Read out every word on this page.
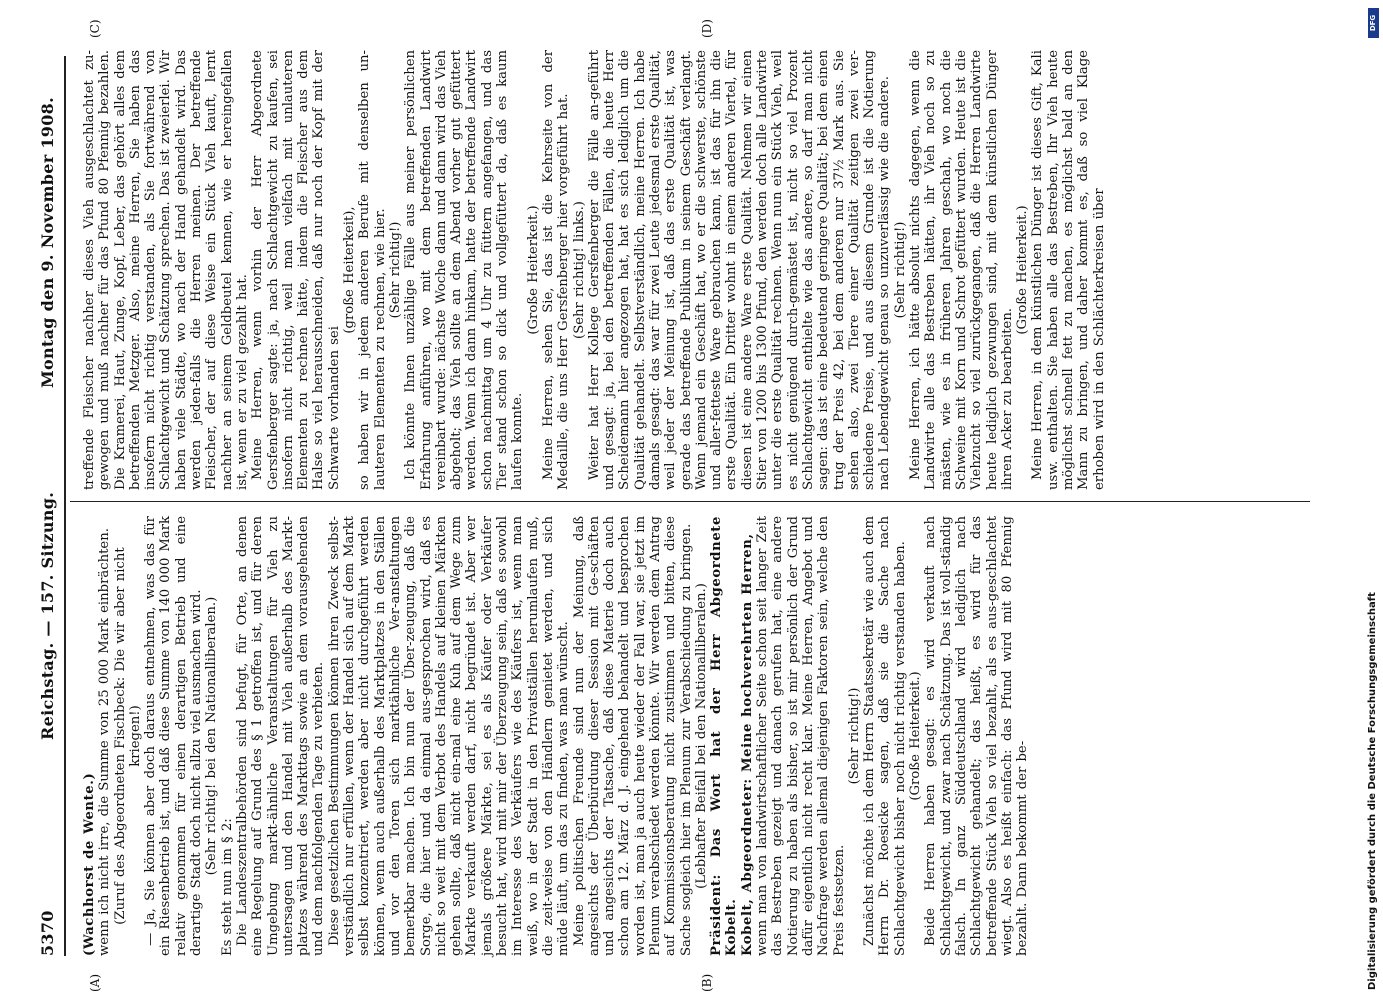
5370
Reichstag. — 157. Sitzung.
Montag den 9. November 1908.
(A)	(B)
(C)	(D)

(Wachhorst de Wente.) wenn ich nicht irre, die Summe von 25 000 Mark einbrächten. (Zuruf des Abgeordneten Fischbeck: Die wir aber nicht kriegen!) — Ja, Sie können aber doch daraus entnehmen, was das für ein Riesenbetrieb ist, und daß diese Summe von 140 000 Mark relativ genommen für einen derartigen Betrieb und eine derartige Stadt doch nicht allzu viel ausmachen wird. (Sehr richtig! bei den Nationalliberalen.)

Es steht nun im § 2: Die Landeszentralbehörden sind befugt, für Orte, an denen eine Regelung auf Grund des § 1 getroffen ist, und für deren Umgebung markt-ähnliche Veranstaltungen für Vieh zu untersagen und den Handel mit Vieh außerhalb des Markt-platzes während des Markttags sowie an dem vorausgehenden und dem nachfolgenden Tage zu verbieten. Diese gesetzlichen Bestimmungen können ihren Zweck selbst-verständlich nur erfüllen, wenn der Handel sich auf dem Markt selbst konzentriert, werden aber nicht durchgeführt werden können, wenn auch außerhalb des Marktplatzes in den Ställen und vor den Toren sich marktähnliche Ver-anstaltungen bemerkbar machen. Ich bin nun der Über-zeugung, daß die Sorge, die hier und da einmal aus-gesprochen wird, daß es nicht so weit mit dem Verbot des Handels auf kleinen Märkten gehen sollte, daß nicht ein-mal eine Kuh auf dem Wege zum Markte verkauft werden darf, nicht begründet ist. Aber wer jemals größere Märkte, sei es als Käufer oder Verkäufer besucht hat, wird mit mir der Überzeugung sein, daß es sowohl im Interesse des Verkäufers wie des Käufers ist, wenn man weiß, wo in der Stadt in den Privatställen herumlaufen muß, die zeit-weise von den Händlern genietet werden, und sich müde läuft, um das zu finden, was man wünscht. Meine politischen Freunde sind nun der Meinung, daß angesichts der Überbürdung dieser Session mit Ge-schäften und angesichts der Tatsache, daß diese Materie doch auch schon am 12. März d. J. eingehend behandelt und besprochen worden ist, man ja auch heute wieder der Fall war, sie jetzt im Plenum verabschiedet werden könnte. Wir werden dem Antrag auf Kommissionsberatung nicht zustimmen und bitten, diese Sache sogleich hier im Plenum zur Verabschiedung zu bringen. (Lebhafter Beifall bei den Nationalliberalen.) Präsident: Das Wort hat der Herr Abgeordnete Kobelt. Kobelt, Abgeordneter: Meine hochverehrten Herren, wenn man von landwirtschaftlicher Seite schon seit langer Zeit das Bestreben gezeigt und danach gerufen hat, eine andere Notierung zu haben als bisher, so ist mir persönlich der Grund dafür eigentlich nicht recht klar. Meine Herren, Angebot und Nachfrage werden allemal diejenigen Faktoren sein, welche den Preis festsetzen.

(Sehr richtig!) Zunächst möchte ich dem Herrn Staatssekretär wie auch dem Herrn Dr. Roesicke sagen, daß sie die Sache nach Schlachtgewicht bisher noch nicht richtig verstanden haben. (Große Heiterkeit.) Beide Herren haben gesagt: es wird verkauft nach Schlachtgewicht, und zwar nach Schätzung. Das ist voll-ständig falsch. In ganz Süddeutschland wird lediglich nach Schlachtgewicht gehandelt; das heißt, es wird für das betreffende Stück Vieh so viel bezahlt, als es aus-geschlachtet wiegt. Also es heißt einfach: das Pfund wird mit 80 Pfennig bezahlt. Dann bekommt der be-

treffende Fleischer nachher dieses Vieh ausgeschlachtet zu-gewogen und muß nachher für das Pfund 80 Pfennig bezahlen. Die Kramerei, Haut, Zunge, Kopf, Leber, das gehört alles dem betreffenden Metzger. Also, meine Herren, Sie haben das insofern nicht richtig verstanden, als Sie fortwährend von Schlachtgewicht und Schätzung sprechen. Das ist zweierlei. Wir haben viele Städte, wo nach der Hand gehandelt wird. Das werden jeden-falls die Herren meinen. Der betreffende Fleischer, der auf diese Weise ein Stück Vieh kauft, lernt nachher an seinem Geldbeutel kennen, wie er hereingefallen ist, wenn er zu viel gezahlt hat. Meine Herren, wenn vorhin der Herr Abgeordnete Gersfenberger sagte: ja, nach Schlachtgewicht zu kaufen, sei insofern nicht richtig, weil man vielfach mit unlauteren Elementen zu rechnen hätte, indem die Fleischer aus dem Halse so viel herausschneiden, daß nur noch der Kopf mit der Schwarte vorhanden sei

(große Heiterkeit), so haben wir in jedem anderen Berufe mit denselben un-lauteren Elementen zu rechnen, wie hier. (Sehr richtig!) Ich könnte Ihnen unzählige Fälle aus meiner persönlichen Erfahrung anführen, wo mit dem betreffenden Landwirt vereinbart wurde: nächste Woche dann und dann wird das Vieh abgeholt; das Vieh sollte an dem Abend vorher gut gefüttert werden. Wenn ich dann hinkam, hatte der betreffende Landwirt schon nachmittag um 4 Uhr zu füttern angefangen, und das Tier stand schon so dick und vollgefüttert da, daß es kaum laufen konnte.

(Große Heiterkeit.) Meine Herren, sehen Sie, das ist die Kehrseite von der Medaille, die uns Herr Gersfenberger hier vorgeführt hat. (Sehr richtig! links.) Weiter hat Herr Kollege Gersfenberger die Fälle an-geführt und gesagt: ja, bei den betreffenden Fällen, die heute Herr Scheidemann hier angezogen hat, hat es sich lediglich um die Qualität gehandelt. Selbstverständlich, meine Herren. Ich habe damals gesagt: das war für zwei Leute jedesmal erste Qualität, weil jeder der Meinung ist, daß das erste Qualität ist, was gerade das betreffende Publikum in seinem Geschäft verlangt. Wenn jemand ein Geschäft hat, wo er die schwerste, schönste und aller-fetteste Ware gebrauchen kann, ist das für ihn die erste Qualität. Ein Dritter wohnt in einem anderen Viertel, für diesen ist eine andere Ware erste Qualität. Nehmen wir einen Stier von 1200 bis 1300 Pfund, den werden doch alle Landwirte unter die erste Qualität rechnen. Wenn nun ein Stück Vieh, weil es nicht genügend durch-gemästet ist, nicht so viel Prozent Schlachtgewicht enthielte wie das andere, so darf man nicht sagen: das ist eine bedeutend geringere Qualität; bei dem einen trug der Preis 42, bei dem anderen nur 37½ Mark aus. Sie sehen also, zwei Tiere einer Qualität zeitigen zwei ver-schiedene Preise, und aus diesem Grunde ist die Notierung nach Lebendgewicht genau so unzuverlässig wie die andere. (Sehr richtig!) Meine Herren, ich hätte absolut nichts dagegen, wenn die Landwirte alle das Bestreben hätten, ihr Vieh noch so zu mästen, wie es in früheren Jahren geschah, wo noch die Schweine mit Korn und Schrot gefüttert wurden. Heute ist die Viehzucht so viel zurückgegangen, daß die Herren Landwirte heute lediglich gezwungen sind, mit dem künstlichen Dünger ihren Acker zu bearbeiten.

(Große Heiterkeit.) Meine Herren, in dem künstlichen Dünger ist dieses Gift, Kali usw. enthalten. Sie haben alle das Bestreben, Ihr Vieh heute möglichst schnell fett zu machen, es möglichst bald an den Mann zu bringen, und daher kommt es, daß so viel Klage erhoben wird in den Schlächterkreisen über

Digitalisierung gefördert durch die Deutsche Forschungsgemeinschaft
DFG
